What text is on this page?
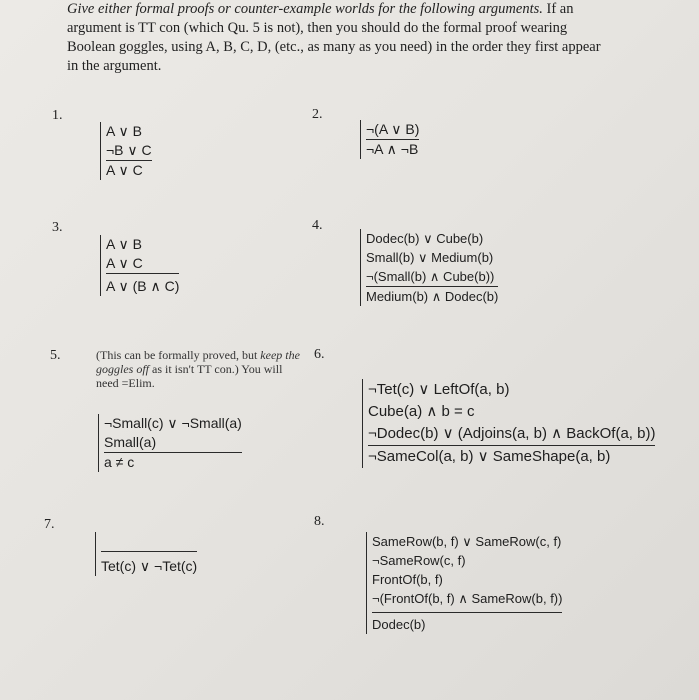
Give either formal proofs or counter-example worlds for the following arguments. If an argument is TT con (which Qu. 5 is not), then you should do the formal proof wearing Boolean goggles, using A, B, C, D, (etc., as many as you need) in the order they first appear in the argument.
1.
A ∨ B
¬B ∨ C
A ∨ C
2.
¬(A ∨ B)
¬A ∧ ¬B
3.
A ∨ B
A ∨ C
A ∨ (B ∧ C)
4.
Dodec(b) ∨ Cube(b)
Small(b) ∨ Medium(b)
¬(Small(b) ∧ Cube(b))
Medium(b) ∧ Dodec(b)
5.	(This can be formally proved, but keep the goggles off as it isn't TT con.) You will need =Elim.
¬Small(c) ∨ ¬Small(a)
Small(a)
a ≠ c
6.
¬Tet(c) ∨ LeftOf(a, b)
Cube(a) ∧ b = c
¬Dodec(b) ∨ (Adjoins(a, b) ∧ BackOf(a, b))
¬SameCol(a, b) ∨ SameShape(a, b)
7.
Tet(c) ∨ ¬Tet(c)
8.
SameRow(b, f) ∨ SameRow(c, f)
¬SameRow(c, f)
FrontOf(b, f)
¬(FrontOf(b, f) ∧ SameRow(b, f))
Dodec(b)
